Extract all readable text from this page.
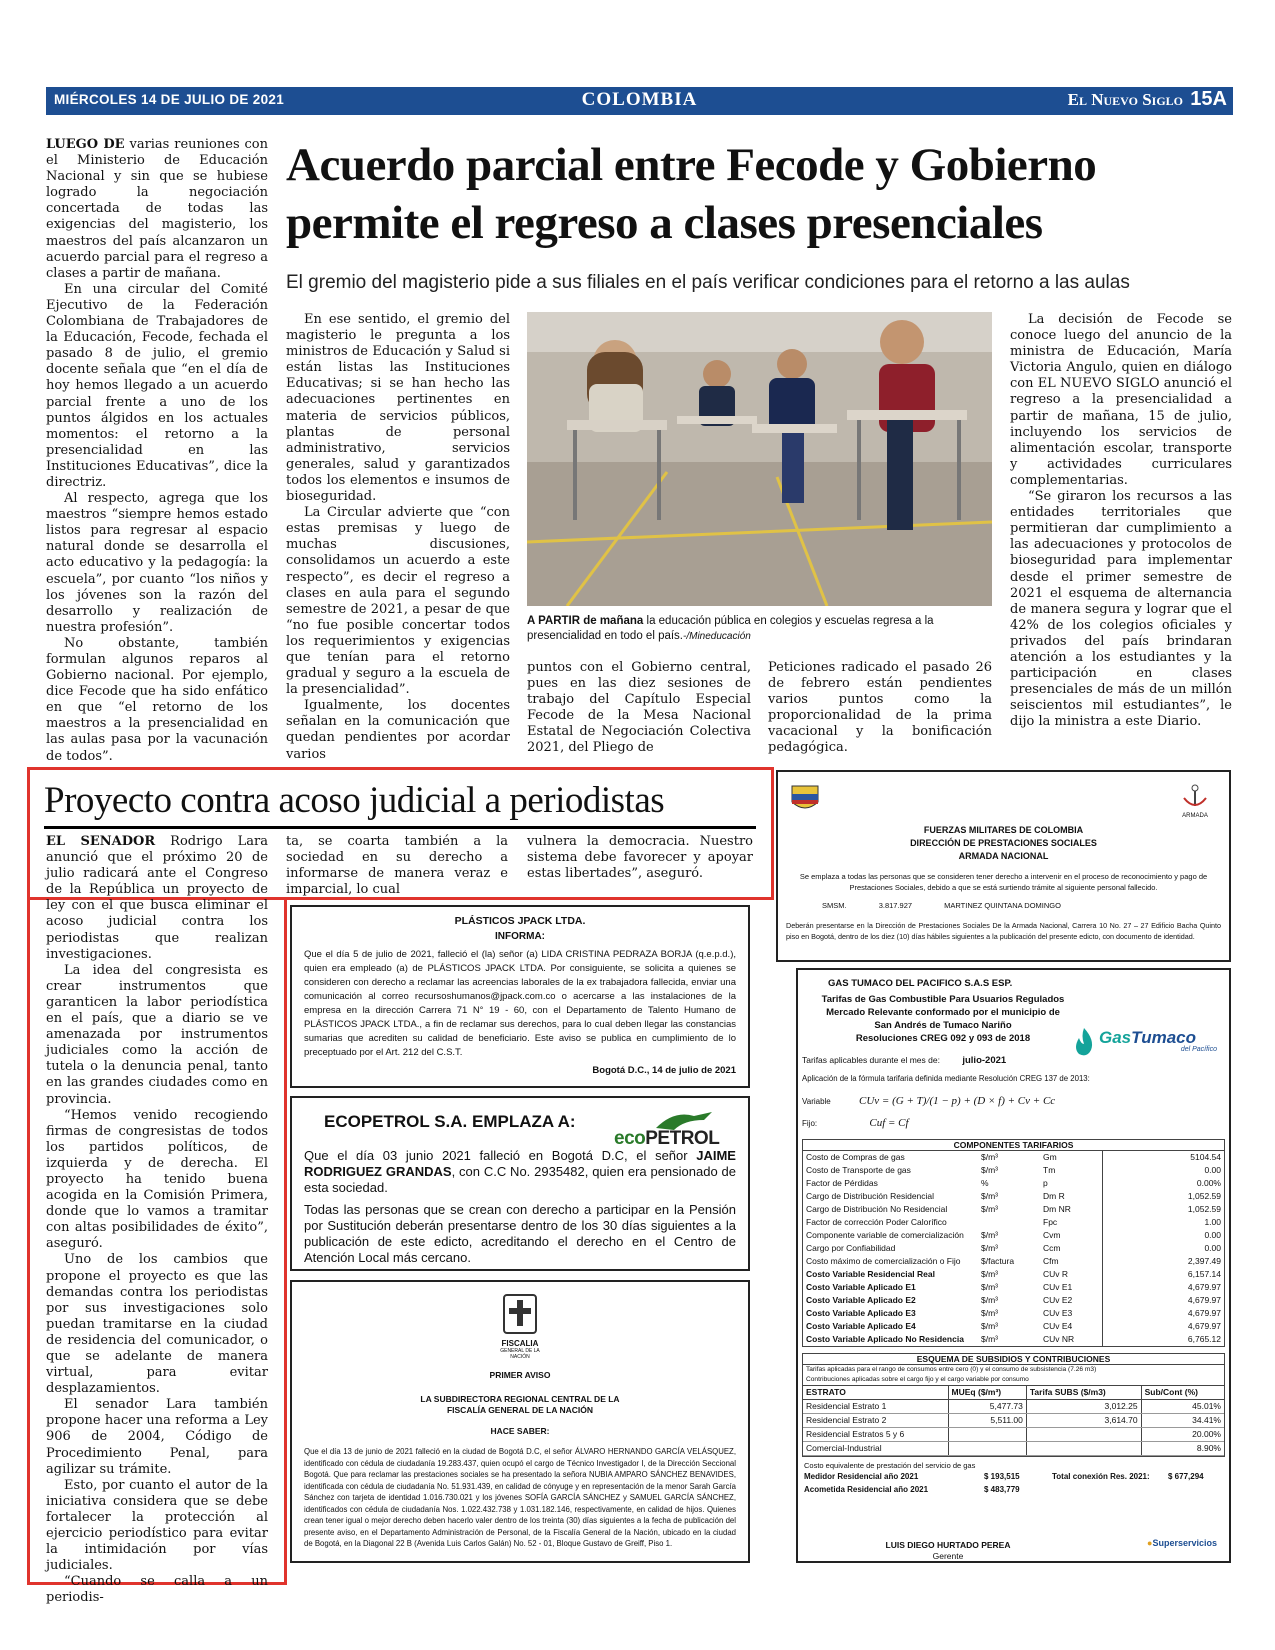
MIÉRCOLES 14 DE JULIO DE 2021	COLOMBIA	El Nuevo Siglo 15A

LUEGO DE varias reuniones con el Ministerio de Educación Nacional y sin que se hubiese logrado la negociación concertada de todas las exigencias del magisterio, los maestros del país alcanzaron un acuerdo parcial para el regreso a clases a partir de mañana.

En una circular del Comité Ejecutivo de la Federación Colombiana de Trabajadores de la Educación, Fecode, fechada el pasado 8 de julio, el gremio docente señala que “en el día de hoy hemos llegado a un acuerdo parcial frente a uno de los puntos álgidos en los actuales momentos: el retorno a la presencialidad en las Instituciones Educativas”, dice la directriz.

Al respecto, agrega que los maestros “siempre hemos estado listos para regresar al espacio natural donde se desarrolla el acto educativo y la pedagogía: la escuela”, por cuanto “los niños y los jóvenes son la razón del desarrollo y realización de nuestra profesión”.

No obstante, también formulan algunos reparos al Gobierno nacional. Por ejemplo, dice Fecode que ha sido enfático en que “el retorno de los maestros a la presencialidad en las aulas pasa por la vacunación de todos”.

Acuerdo parcial entre Fecode y Gobierno permite el regreso a clases presenciales
El gremio del magisterio pide a sus filiales en el país verificar condiciones para el retorno a las aulas

En ese sentido, el gremio del magisterio le pregunta a los ministros de Educación y Salud si están listas las Instituciones Educativas; si se han hecho las adecuaciones pertinentes en materia de servicios públicos, plantas de personal administrativo, servicios generales, salud y garantizados todos los elementos e insumos de bioseguridad.

La Circular advierte que “con estas premisas y luego de muchas discusiones, consolidamos un acuerdo a este respecto”, es decir el regreso a clases en aula para el segundo semestre de 2021, a pesar de que “no fue posible concertar todos los requerimientos y exigencias que tenían para el retorno gradual y seguro a la escuela de la presencialidad”.

Igualmente, los docentes señalan en la comunicación que quedan pendientes por acordar varios

A PARTIR de mañana la educación pública en colegios y escuelas regresa a la presencialidad en todo el país.-/Mineducación

puntos con el Gobierno central, pues en las diez sesiones de trabajo del Capítulo Especial Fecode de la Mesa Nacional Estatal de Negociación Colectiva 2021, del Pliego de

Peticiones radicado el pasado 26 de febrero están pendientes varios puntos como la proporcionalidad de la prima vacacional y la bonificación pedagógica.

La decisión de Fecode se conoce luego del anuncio de la ministra de Educación, María Victoria Angulo, quien en diálogo con EL NUEVO SIGLO anunció el regreso a la presencialidad a partir de mañana, 15 de julio, incluyendo los servicios de alimentación escolar, transporte y actividades curriculares complementarias.

“Se giraron los recursos a las entidades territoriales que permitieran dar cumplimiento a las adecuaciones y protocolos de bioseguridad para implementar desde el primer semestre de 2021 el esquema de alternancia de manera segura y lograr que el 42% de los colegios oficiales y privados del país brindaran atención a los estudiantes y la participación en clases presenciales de más de un millón seiscientos mil estudiantes”, le dijo la ministra a este Diario.

Proyecto contra acoso judicial a periodistas

EL SENADOR Rodrigo Lara anunció que el próximo 20 de julio radicará ante el Congreso de la República un proyecto de ley con el que busca eliminar el acoso judicial contra los periodistas que realizan investigaciones.

La idea del congresista es crear instrumentos que garanticen la labor periodística en el país, que a diario se ve amenazada por instrumentos judiciales como la acción de tutela o la denuncia penal, tanto en las grandes ciudades como en provincia.

“Hemos venido recogiendo firmas de congresistas de todos los partidos políticos, de izquierda y de derecha. El proyecto ha tenido buena acogida en la Comisión Primera, donde que lo vamos a tramitar con altas posibilidades de éxito”, aseguró.

Uno de los cambios que propone el proyecto es que las demandas contra los periodistas por sus investigaciones solo puedan tramitarse en la ciudad de residencia del comunicador, o que se adelante de manera virtual, para evitar desplazamientos.

El senador Lara también propone hacer una reforma a Ley 906 de 2004, Código de Procedimiento Penal, para agilizar su trámite.

Esto, por cuanto el autor de la iniciativa considera que se debe fortalecer la protección al ejercicio periodístico para evitar la intimidación por vías judiciales.

“Cuando se calla a un periodis-

ta, se coarta también a la sociedad en su derecho a informarse de manera veraz e imparcial, lo cual

vulnera la democracia. Nuestro sistema debe favorecer y apoyar estas libertades”, aseguró.

PLÁSTICOS JPACK LTDA.
INFORMA:
Que el día 5 de julio de 2021, falleció el (la) señor (a) LIDA CRISTINA PEDRAZA BORJA (q.e.p.d.), quien era empleado (a) de PLÁSTICOS JPACK LTDA. Por consiguiente, se solicita a quienes se consideren con derecho a reclamar las acreencias laborales de la ex trabajadora fallecida, enviar una comunicación al correo recursoshumanos@jpack.com.co o acercarse a las instalaciones de la empresa en la dirección Carrera 71 N° 19 - 60, con el Departamento de Talento Humano de PLÁSTICOS JPACK LTDA., a fin de reclamar sus derechos, para lo cual deben llegar las constancias sumarias que acrediten su calidad de beneficiario. Este aviso se publica en cumplimiento de lo preceptuado por el Art. 212 del C.S.T.
Bogotá D.C., 14 de julio de 2021
ECOPETROL S.A. EMPLAZA A:
ecoPETROL
Que el día 03 junio 2021 falleció en Bogotá D.C, el señor JAIME RODRIGUEZ GRANDAS, con C.C No. 2935482, quien era pensionado de esta sociedad.
Todas las personas que se crean con derecho a participar en la Pensión por Sustitución deberán presentarse dentro de los 30 días siguientes a la publicación de este edicto, acreditando el derecho en el Centro de Atención Local más cercano.
FISCALIA
GENERAL DE LA NACIÓN
PRIMER AVISO
LA SUBDIRECTORA REGIONAL CENTRAL DE LA FISCALÍA GENERAL DE LA NACIÓN
HACE SABER:
Que el día 13 de junio de 2021 falleció en la ciudad de Bogotá D.C, el señor ÁLVARO HERNANDO GARCÍA VELÁSQUEZ, identificado con cédula de ciudadanía 19.283.437, quien ocupó el cargo de Técnico Investigador I, de la Dirección Seccional Bogotá. Que para reclamar las prestaciones sociales se ha presentado la señora NUBIA AMPARO SÁNCHEZ BENAVIDES, identificada con cédula de ciudadanía No. 51.931.439, en calidad de cónyuge y en representación de la menor Sarah García Sánchez con tarjeta de identidad 1.016.730.021 y los jóvenes SOFÍA GARCÍA SÁNCHEZ y SAMUEL GARCÍA SÁNCHEZ, identificados con cédula de ciudadanía Nos. 1.022.432.738 y 1.031.182.146, respectivamente, en calidad de hijos. Quienes crean tener igual o mejor derecho deben hacerlo valer dentro de los treinta (30) días siguientes a la fecha de publicación del presente aviso, en el Departamento Administración de Personal, de la Fiscalía General de la Nación, ubicado en la ciudad de Bogotá, en la Diagonal 22 B (Avenida Luis Carlos Galán) No. 52 - 01, Bloque Gustavo de Greiff, Piso 1.
ARMADA
FUERZAS MILITARES DE COLOMBIA
DIRECCIÓN DE PRESTACIONES SOCIALES
ARMADA NACIONAL
Se emplaza a todas las personas que se consideren tener derecho a intervenir en el proceso de reconocimiento y pago de Prestaciones Sociales, debido a que se está surtiendo trámite al siguiente personal fallecido.
SMSM.	3.817.927	MARTINEZ QUINTANA DOMINGO
Deberán presentarse en la Dirección de Prestaciones Sociales De la Armada Nacional, Carrera 10 No. 27 – 27 Edificio Bacha Quinto piso en Bogotá, dentro de los diez (10) días hábiles siguientes a la publicación del presente edicto, con documento de identidad.
GAS TUMACO DEL PACIFICO S.A.S ESP.
Tarifas de Gas Combustible Para Usuarios Regulados
Mercado Relevante conformado por el municipio de
San Andrés de Tumaco Nariño
Resoluciones CREG 092 y 093 de 2018	GasTumaco
del Pacífico
Tarifas aplicables durante el mes de: julio-2021
Aplicación de la fórmula tarifaria definida mediante Resolución CREG 137 de 2013:
Variable	CUv = (G + T)/(1 − p) + (D × f) + Cv + Cc
Fijo:	Cuf = Cf
COMPONENTES TARIFARIOS
Costo de Compras de gas	$/m³	Gm	5104.54
Costo de Transporte de gas	$/m³	Tm	0.00
Factor de Pérdidas	%	p	0.00%
Cargo de Distribución Residencial	$/m³	Dm R	1,052.59
Cargo de Distribución No Residencial	$/m³	Dm NR	1,052.59
Factor de corrección Poder Calorífico		Fpc	1.00
Componente variable de comercialización	$/m³	Cvm	0.00
Cargo por Confiabilidad	$/m³	Ccm	0.00
Costo máximo de comercialización o Fijo	$/factura	Cfm	2,397.49
Costo Variable Residencial Real	$/m³	CUv R	6,157.14
Costo Variable Aplicado E1	$/m³	CUv E1	4,679.97
Costo Variable Aplicado E2	$/m³	CUv E2	4,679.97
Costo Variable Aplicado E3	$/m³	CUv E3	4,679.97
Costo Variable Aplicado E4	$/m³	CUv E4	4,679.97
Costo Variable Aplicado No Residencia	$/m³	CUv NR	6,765.12
ESQUEMA DE SUBSIDIOS Y CONTRIBUCIONES
Tarifas aplicadas para el rango de consumos entre cero (0) y el consumo de subsistencia (7.26 m3)
Contribuciones aplicadas sobre el cargo fijo y el cargo variable por consumo
ESTRATO	MUEq ($/m³)	Tarifa SUBS ($/m3)	Sub/Cont (%)
Residencial Estrato 1	5,477.73	3,012.25	45.01%
Residencial Estrato 2	5,511.00	3,614.70	34.41%
Residencial Estratos 5 y 6			20.00%
Comercial-Industrial			8.90%
Costo equivalente de prestación del servicio de gas
Medidor Residencial año 2021	$ 193,515	Total conexión Res. 2021: $ 677,294
Acometida Residencial año 2021	$ 483,779
LUIS DIEGO HURTADO PEREA
Gerente
●Superservicios
